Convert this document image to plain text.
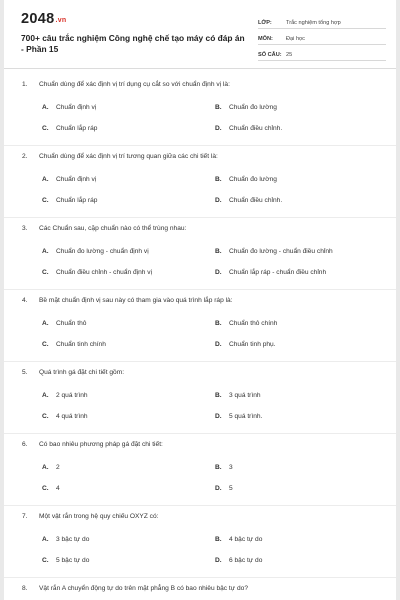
2048.vn
700+ câu trắc nghiệm Công nghệ chế tạo máy có đáp án - Phần 15
LỚP:	Trắc nghiệm tổng hợp
MÔN:	Đại học
SỐ CÂU: 25
1. Chuẩn dùng để xác định vị trí dụng cụ cắt so với chuẩn định vị là:
A. Chuẩn định vị	B. Chuẩn đo lường
C. Chuẩn lắp ráp	D. Chuẩn điều chỉnh.
2. Chuẩn dùng để xác định vị trí tương quan giữa các chi tiết là:
A. Chuẩn định vị	B. Chuẩn đo lường
C. Chuẩn lắp ráp	D. Chuẩn điều chỉnh.
3. Các Chuẩn sau, cặp chuẩn nào có thể trùng nhau:
A. Chuẩn đo lường - chuẩn định vị	B. Chuẩn đo lường - chuẩn điều chỉnh
C. Chuẩn điều chỉnh - chuẩn định vị	D. Chuẩn lắp ráp - chuẩn điều chỉnh
4. Bề mặt chuẩn định vị sau này có tham gia vào quá trình lắp ráp là:
A. Chuẩn thô	B. Chuẩn thô chính
C. Chuẩn tinh chính	D. Chuẩn tinh phụ.
5. Quá trình gá đặt chi tiết gồm:
A. 2 quá trình	B. 3 quá trình
C. 4 quá trình	D. 5 quá trình.
6. Có bao nhiêu phương pháp gá đặt chi tiết:
A. 2	B. 3
C. 4	D. 5
7. Một vật rắn trong hệ quy chiếu OXYZ có:
A. 3 bậc tự do	B. 4 bậc tự do
C. 5 bậc tự do	D. 6 bậc tự do
8. Vật rắn A chuyển động tự do trên mặt phẳng B có bao nhiêu bậc tự do?
